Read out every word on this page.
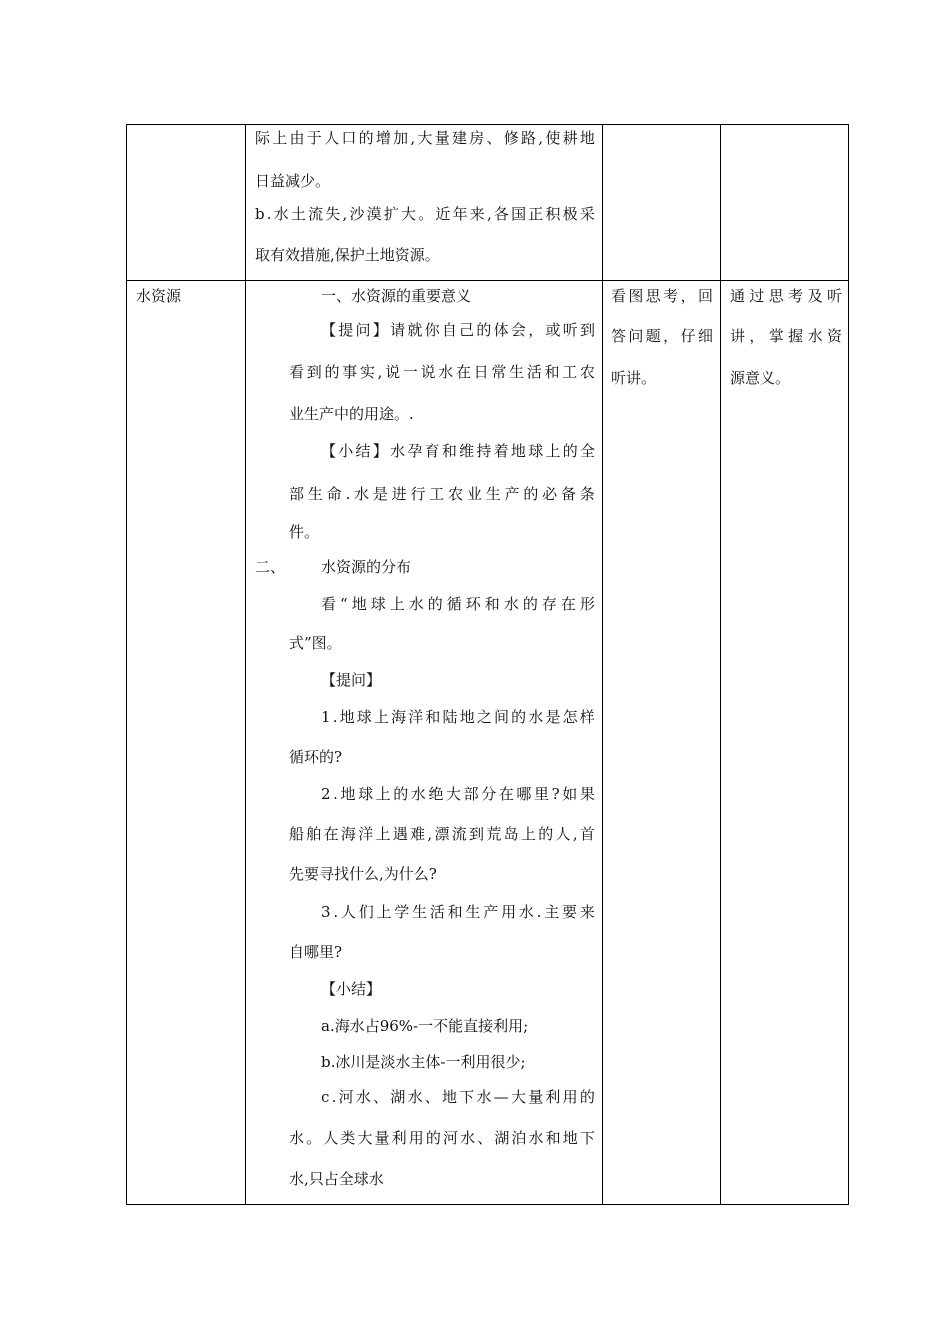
际 上 由 于 人 口 的 增 加 , 大 量 建 房 、 修 路 , 使 耕 地
日益减少。
b . 水 土 流 失 , 沙 漠 扩 大 。 近 年 来 , 各 国 正 积 极 采
取有效措施,保护土地资源。
水资源	一、水资源的重要意义
【 提 问 】 请 就 你 自 己 的 体 会 ， 或 听 到
看 到 的 事 实 , 说 一 说 水 在 日 常 生 活 和 工 农
业生产中的用途。.
【 小 结 】 水 孕 育 和 维 持 着 地 球 上 的 全
部 生 命 . 水 是 进 行 工 农 业 生 产 的 必 备 条
件。
二、 水资源的分布
看 “ 地 球 上 水 的 循 环 和 水 的 存 在 形
式”图。
【提问】
1 . 地 球 上 海 洋 和 陆 地 之 间 的 水 是 怎 样
循环的?
2 . 地 球 上 的 水 绝 大 部 分 在 哪 里 ? 如 果
船 舶 在 海 洋 上 遇 难 , 漂 流 到 荒 岛 上 的 人 , 首
先要寻找什么,为什么?
3 . 人 们 上 学 生 活 和 生 产 用 水 . 主 要 来
自哪里?
【小结】
a.海水占96%-一不能直接利用;
b.冰川是淡水主体-一利用很少;
c . 河 水 、 湖 水 、 地 下 水 — 大 量 利 用 的
水 。 人 类 大 量 利 用 的 河 水 、 湖 泊 水 和 地 下
水,只占全球水
看 图 思 考 ， 回
答 问 题 ， 仔 细
听讲。
通 过 思 考 及 听
讲 ， 掌 握 水 资
源意义。
